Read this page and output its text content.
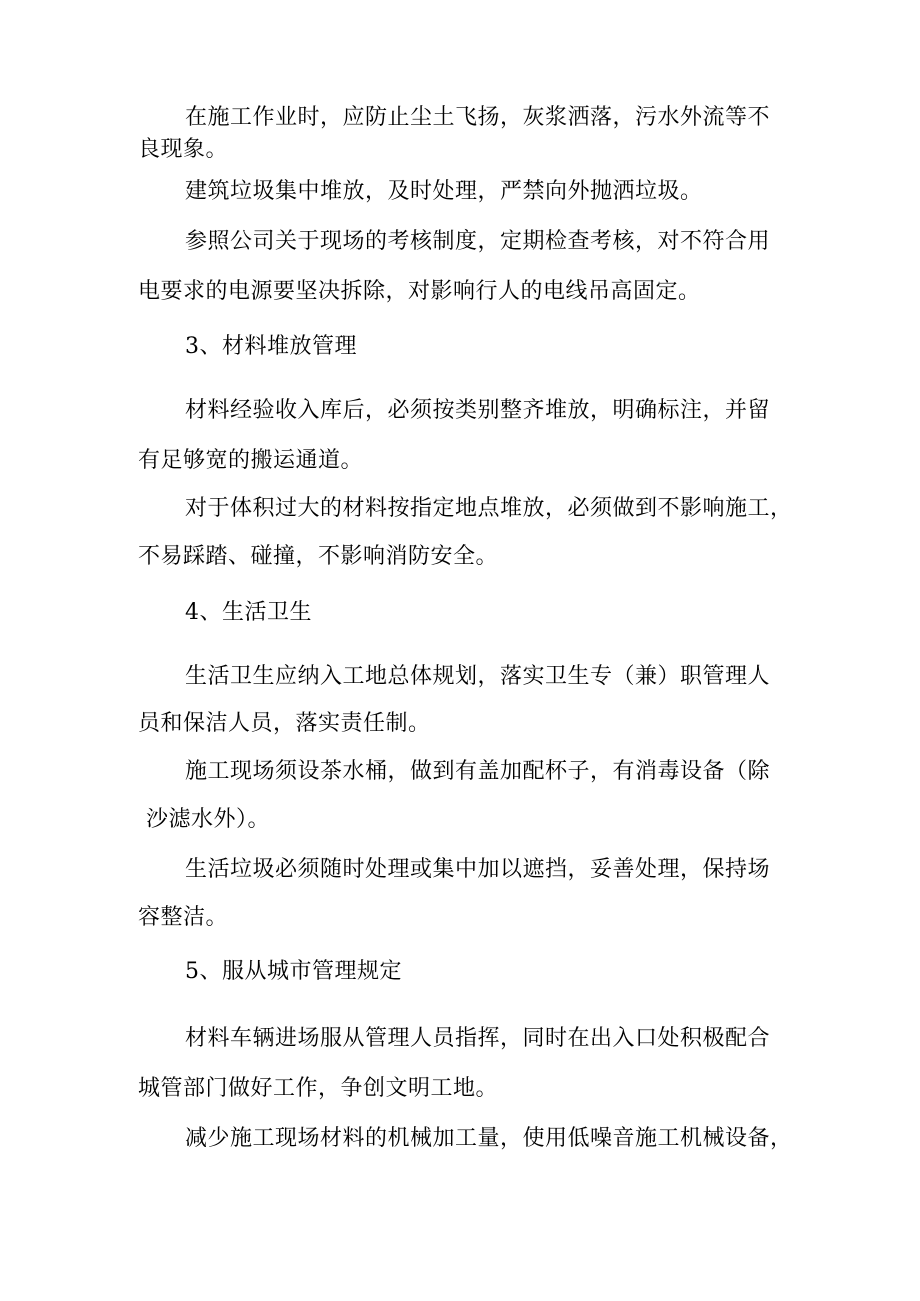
在施工作业时，应防止尘土飞扬，灰浆洒落，污水外流等不
良现象。
建筑垃圾集中堆放，及时处理，严禁向外抛洒垃圾。
参照公司关于现场的考核制度，定期检查考核，对不符合用
电要求的电源要坚决拆除，对影响行人的电线吊高固定。
3、材料堆放管理
材料经验收入库后，必须按类别整齐堆放，明确标注，并留
有足够宽的搬运通道。
对于体积过大的材料按指定地点堆放，必须做到不影响施工，
不易踩踏、碰撞，不影响消防安全。
4、生活卫生
生活卫生应纳入工地总体规划，落实卫生专（兼）职管理人
员和保洁人员，落实责任制。
施工现场须设茶水桶，做到有盖加配杯子，有消毒设备（除
沙滤水外）。
生活垃圾必须随时处理或集中加以遮挡，妥善处理，保持场
容整洁。
5、服从城市管理规定
材料车辆进场服从管理人员指挥，同时在出入口处积极配合
城管部门做好工作，争创文明工地。
减少施工现场材料的机械加工量，使用低噪音施工机械设备，
